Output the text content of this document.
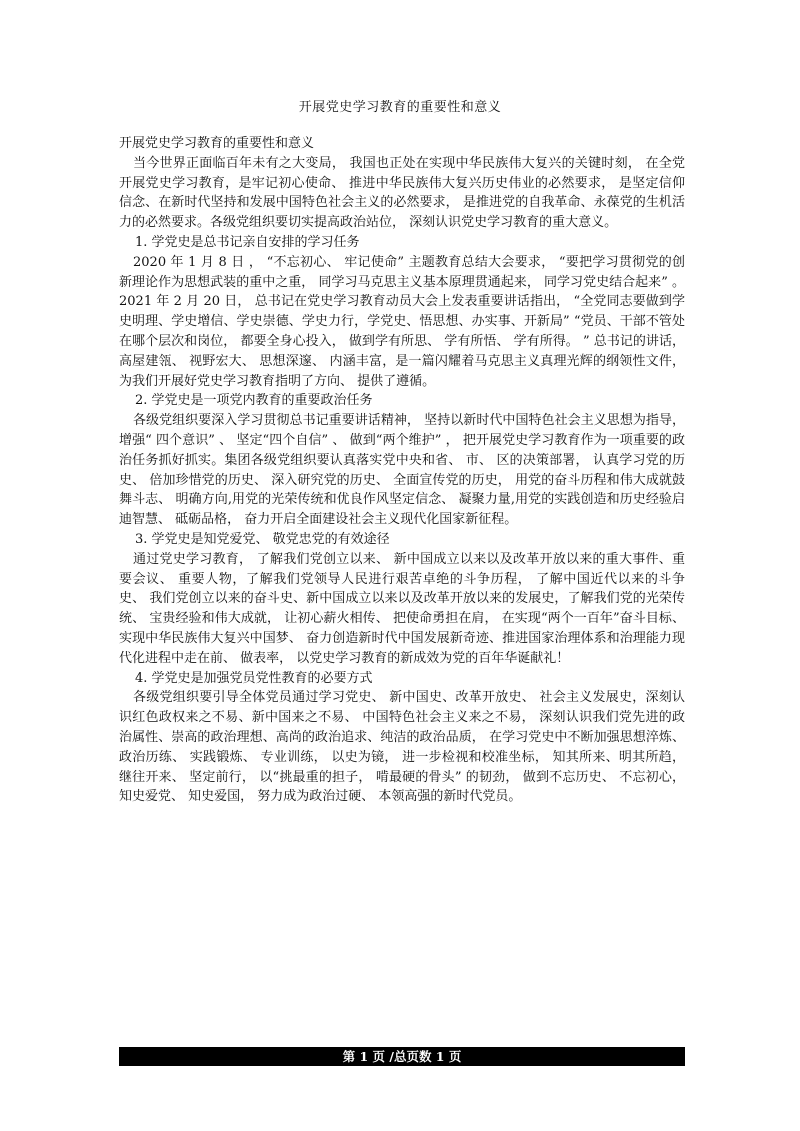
开展党史学习教育的重要性和意义

开展党史学习教育的重要性和意义

当今世界正面临百年未有之大变局， 我国也正处在实现中华民族伟大复兴的关键时刻， 在全党开展党史学习教育，是牢记初心使命、 推进中华民族伟大复兴历史伟业的必然要求， 是坚定信仰信念、在新时代坚持和发展中国特色社会主义的必然要求， 是推进党的自我革命、永葆党的生机活力的必然要求。各级党组织要切实提高政治站位， 深刻认识党史学习教育的重大意义。

1. 学党史是总书记亲自安排的学习任务

2020 年 1 月 8 日 ， “不忘初心、 牢记使命” 主题教育总结大会要求， “要把学习贯彻党的创新理论作为思想武装的重中之重， 同学习马克思主义基本原理贯通起来， 同学习党史结合起来” 。 2021 年 2 月 20 日， 总书记在党史学习教育动员大会上发表重要讲话指出， “全党同志要做到学史明理、学史增信、学史崇德、学史力行，学党史、悟思想、办实事、开新局” “党员、干部不管处在哪个层次和岗位， 都要全身心投入， 做到学有所思、 学有所悟、 学有所得。 ” 总书记的讲话， 高屋建瓴、 视野宏大、 思想深邃、 内涵丰富，是一篇闪耀着马克思主义真理光辉的纲领性文件， 为我们开展好党史学习教育指明了方向、 提供了遵循。

2. 学党史是一项党内教育的重要政治任务

各级党组织要深入学习贯彻总书记重要讲话精神， 坚持以新时代中国特色社会主义思想为指导， 增强“ 四个意识” 、 坚定“四个自信” 、 做到“两个维护” ， 把开展党史学习教育作为一项重要的政治任务抓好抓实。集团各级党组织要认真落实党中央和省、 市、 区的决策部署， 认真学习党的历史、 倍加珍惜党的历史、 深入研究党的历史、 全面宣传党的历史， 用党的奋斗历程和伟大成就鼓舞斗志、 明确方向,用党的光荣传统和优良作风坚定信念、 凝聚力量,用党的实践创造和历史经验启迪智慧、 砥砺品格， 奋力开启全面建设社会主义现代化国家新征程。

3. 学党史是知党爱党、 敬党忠党的有效途径

通过党史学习教育， 了解我们党创立以来、 新中国成立以来以及改革开放以来的重大事件、重要会议、 重要人物，了解我们党领导人民进行艰苦卓绝的斗争历程， 了解中国近代以来的斗争史、 我们党创立以来的奋斗史、新中国成立以来以及改革开放以来的发展史，了解我们党的光荣传统、 宝贵经验和伟大成就， 让初心薪火相传、 把使命勇担在肩， 在实现“两个一百年”奋斗目标、 实现中华民族伟大复兴中国梦、 奋力创造新时代中国发展新奇迹、推进国家治理体系和治理能力现代化进程中走在前、 做表率， 以党史学习教育的新成效为党的百年华诞献礼！

4. 学党史是加强党员党性教育的必要方式

各级党组织要引导全体党员通过学习党史、 新中国史、改革开放史、 社会主义发展史，深刻认识红色政权来之不易、新中国来之不易、 中国特色社会主义来之不易， 深刻认识我们党先进的政治属性、崇高的政治理想、高尚的政治追求、纯洁的政治品质， 在学习党史中不断加强思想淬炼、 政治历练、 实践锻炼、 专业训练， 以史为镜， 进一步检视和校准坐标， 知其所来、明其所趋， 继往开来、 坚定前行， 以“挑最重的担子， 啃最硬的骨头” 的韧劲， 做到不忘历史、 不忘初心， 知史爱党、 知史爱国， 努力成为政治过硬、 本领高强的新时代党员。

第 1 页 /总页数 1 页
